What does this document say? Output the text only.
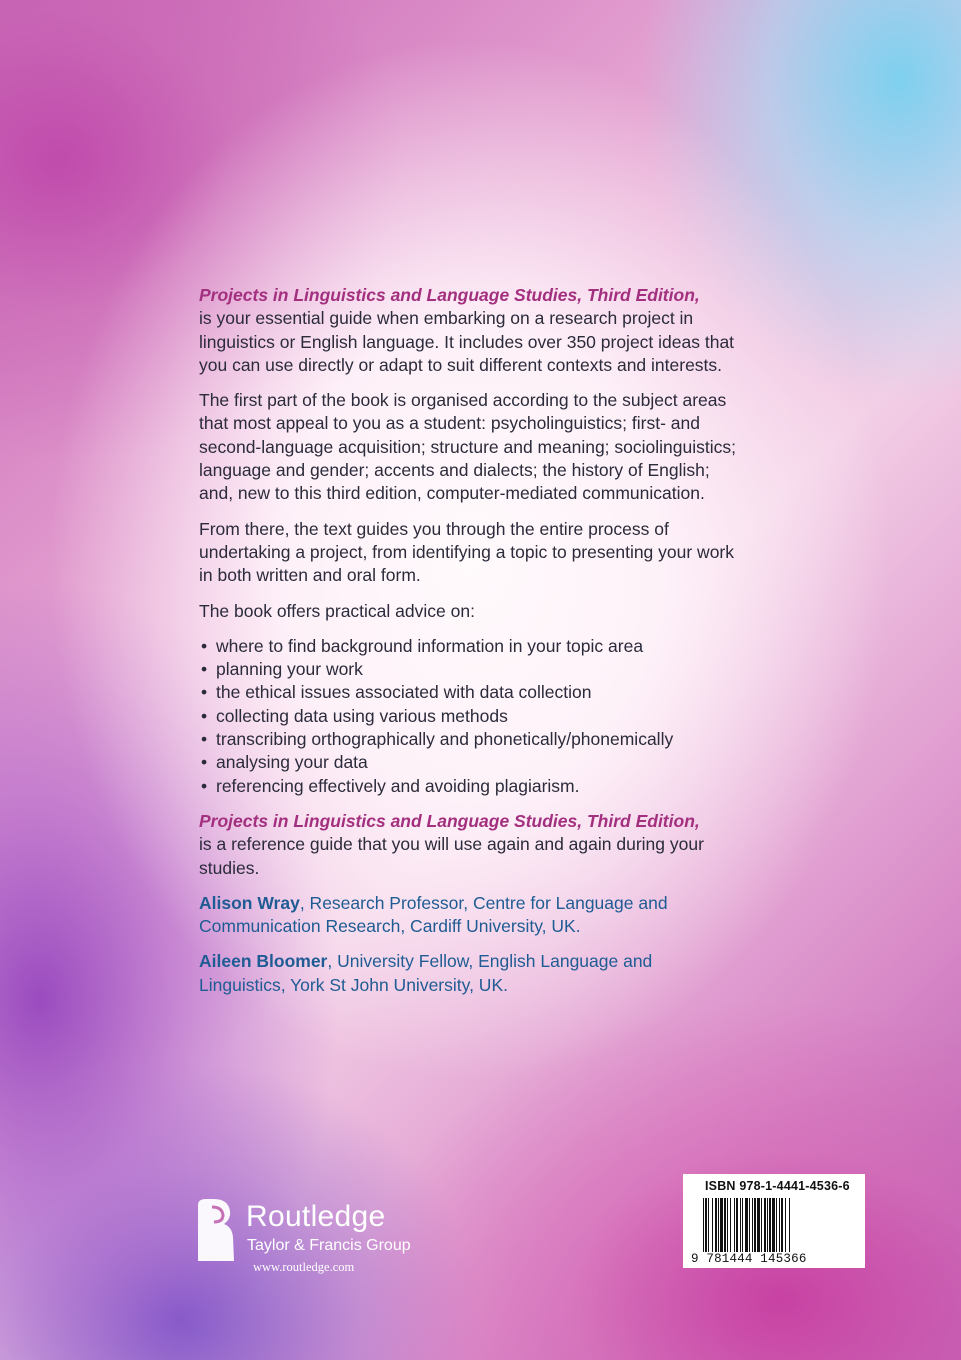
Projects in Linguistics and Language Studies, Third Edition,
is your essential guide when embarking on a research project in linguistics or English language. It includes over 350 project ideas that you can use directly or adapt to suit different contexts and interests.

The first part of the book is organised according to the subject areas that most appeal to you as a student: psycholinguistics; first- and second-language acquisition; structure and meaning; sociolinguistics; language and gender; accents and dialects; the history of English; and, new to this third edition, computer-mediated communication.

From there, the text guides you through the entire process of undertaking a project, from identifying a topic to presenting your work in both written and oral form.

The book offers practical advice on:

• where to find background information in your topic area
• planning your work
• the ethical issues associated with data collection
• collecting data using various methods
• transcribing orthographically and phonetically/phonemically
• analysing your data
• referencing effectively and avoiding plagiarism.

Projects in Linguistics and Language Studies, Third Edition,
is a reference guide that you will use again and again during your studies.

Alison Wray, Research Professor, Centre for Language and Communication Research, Cardiff University, UK.

Aileen Bloomer, University Fellow, English Language and Linguistics, York St John University, UK.

Routledge
Taylor & Francis Group
www.routledge.com
ISBN 978-1-4441-4536-6
9 781444 145366
